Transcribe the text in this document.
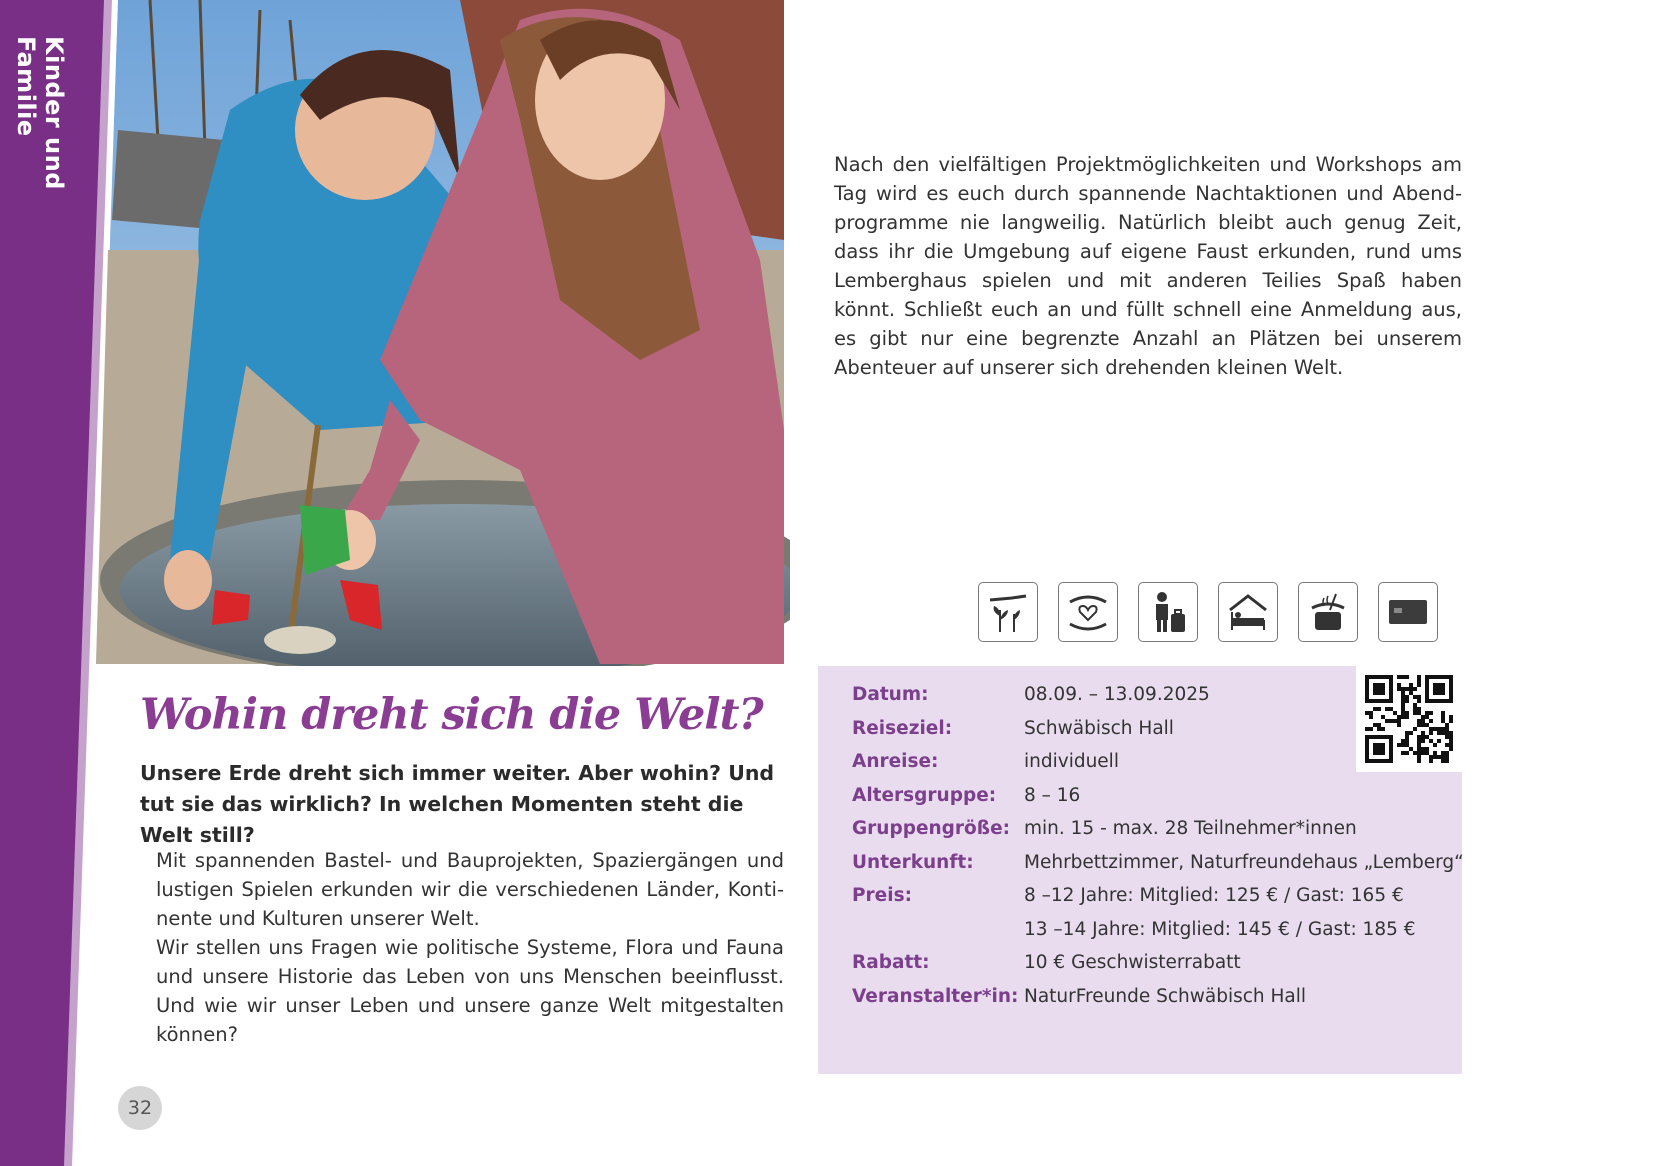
Kinder und Familie

Nach den vielfältigen Projektmöglichkeiten und Workshops am Tag wird es euch durch spannende Nachtaktionen und Abend-programme nie langweilig. Natürlich bleibt auch genug Zeit, dass ihr die Umgebung auf eigene Faust erkunden, rund ums Lemberghaus spielen und mit anderen Teilies Spaß haben könnt. Schließt euch an und füllt schnell eine Anmeldung aus, es gibt nur eine begrenzte Anzahl an Plätzen bei unserem Abenteuer auf unserer sich drehenden kleinen Welt.

Datum:	08.09. – 13.09.2025
Reiseziel:	Schwäbisch Hall
Anreise:	individuell
Altersgruppe:	8 – 16
Gruppengröße: min. 15 - max. 28 Teilnehmer*innen
Unterkunft:	Mehrbettzimmer, Naturfreundehaus „Lemberg“
Preis:	8 –12 Jahre: Mitglied: 125 € / Gast: 165 €
13 –14 Jahre: Mitglied: 145 € / Gast: 185 €
Rabatt:	10 € Geschwisterrabatt
Veranstalter*in: NaturFreunde Schwäbisch Hall
Wohin dreht sich die Welt?
Unsere Erde dreht sich immer weiter. Aber wohin? Und tut sie das wirklich? In welchen Momenten steht die Welt still?

Mit spannenden Bastel- und Bauprojekten, Spaziergängen und lustigen Spielen erkunden wir die verschiedenen Länder, Konti-nente und Kulturen unserer Welt.

Wir stellen uns Fragen wie politische Systeme, Flora und Fauna und unsere Historie das Leben von uns Menschen beeinflusst. Und wie wir unser Leben und unsere ganze Welt mitgestalten können?

32
